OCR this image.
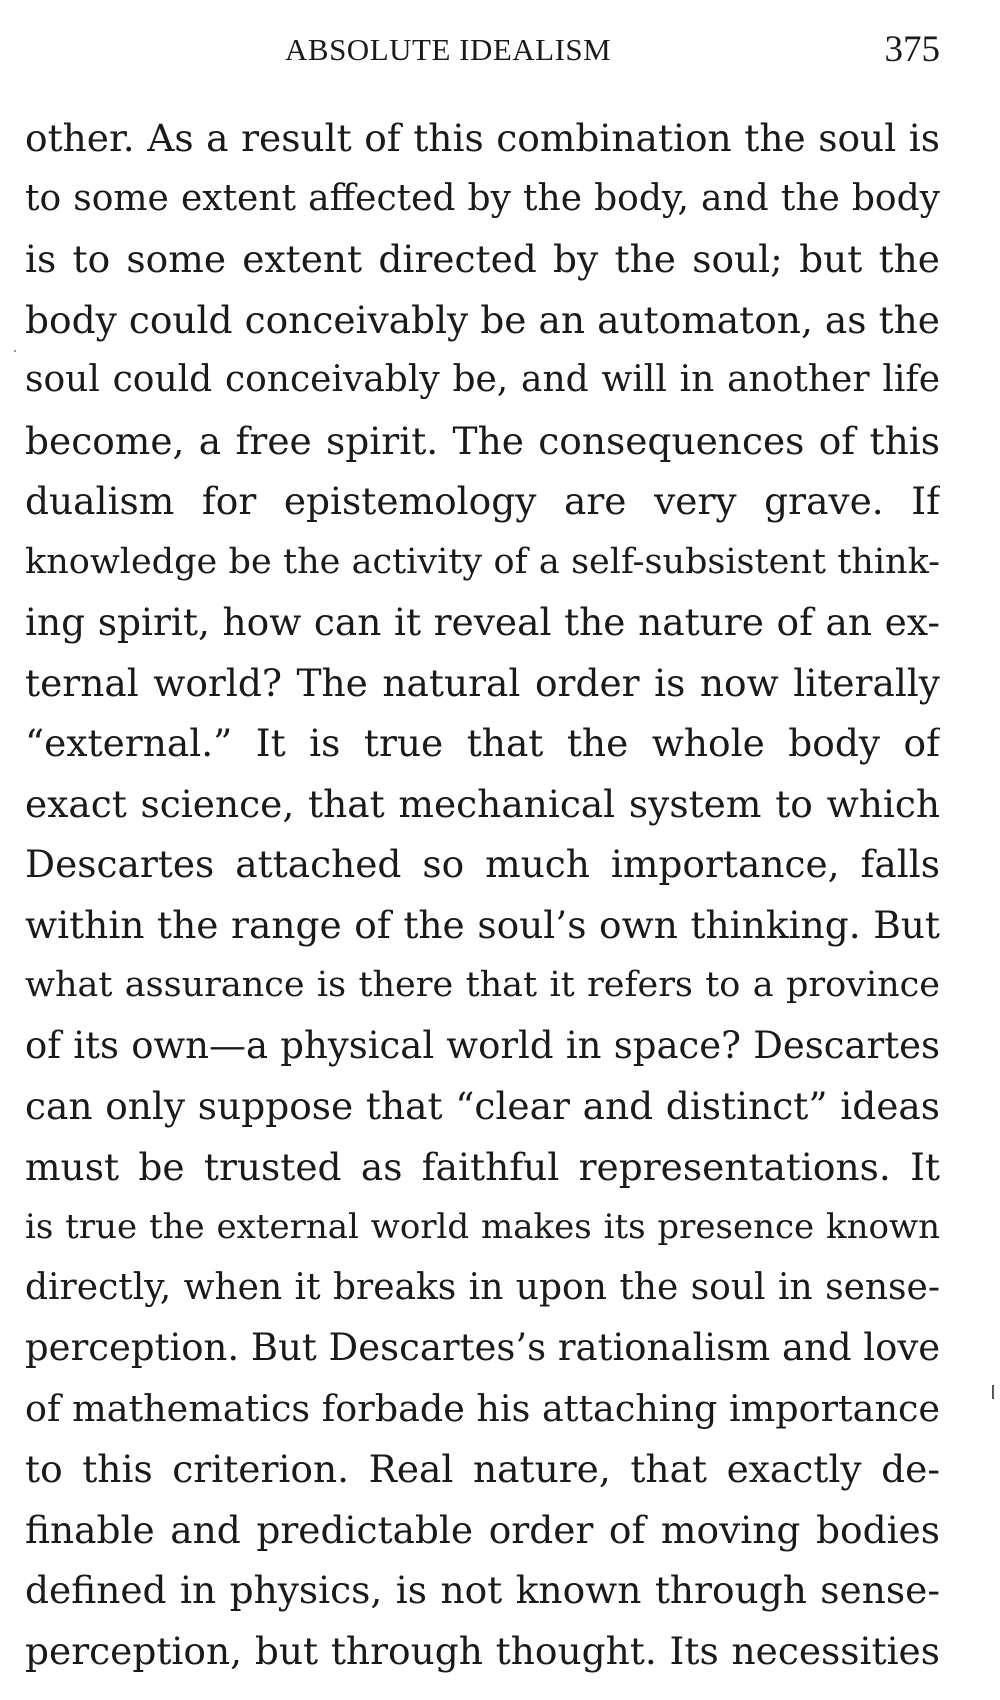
ABSOLUTE IDEALISM	375
other. As a result of this combination the soul is
to some extent affected by the body, and the body
is to some extent directed by the soul; but the
body could conceivably be an automaton, as the
soul could conceivably be, and will in another life
become, a free spirit. The consequences of this
dualism for epistemology are very grave. If
knowledge be the activity of a self-subsistent think-
ing spirit, how can it reveal the nature of an ex-
ternal world? The natural order is now literally
“external.” It is true that the whole body of
exact science, that mechanical system to which
Descartes attached so much importance, falls
within the range of the soul’s own thinking. But
what assurance is there that it refers to a province
of its own—a physical world in space? Descartes
can only suppose that “clear and distinct” ideas
must be trusted as faithful representations. It
is true the external world makes its presence known
directly, when it breaks in upon the soul in sense-
perception. But Descartes’s rationalism and love
of mathematics forbade his attaching importance
to this criterion. Real nature, that exactly de-
finable and predictable order of moving bodies
defined in physics, is not known through sense-
perception, but through thought. Its necessities
